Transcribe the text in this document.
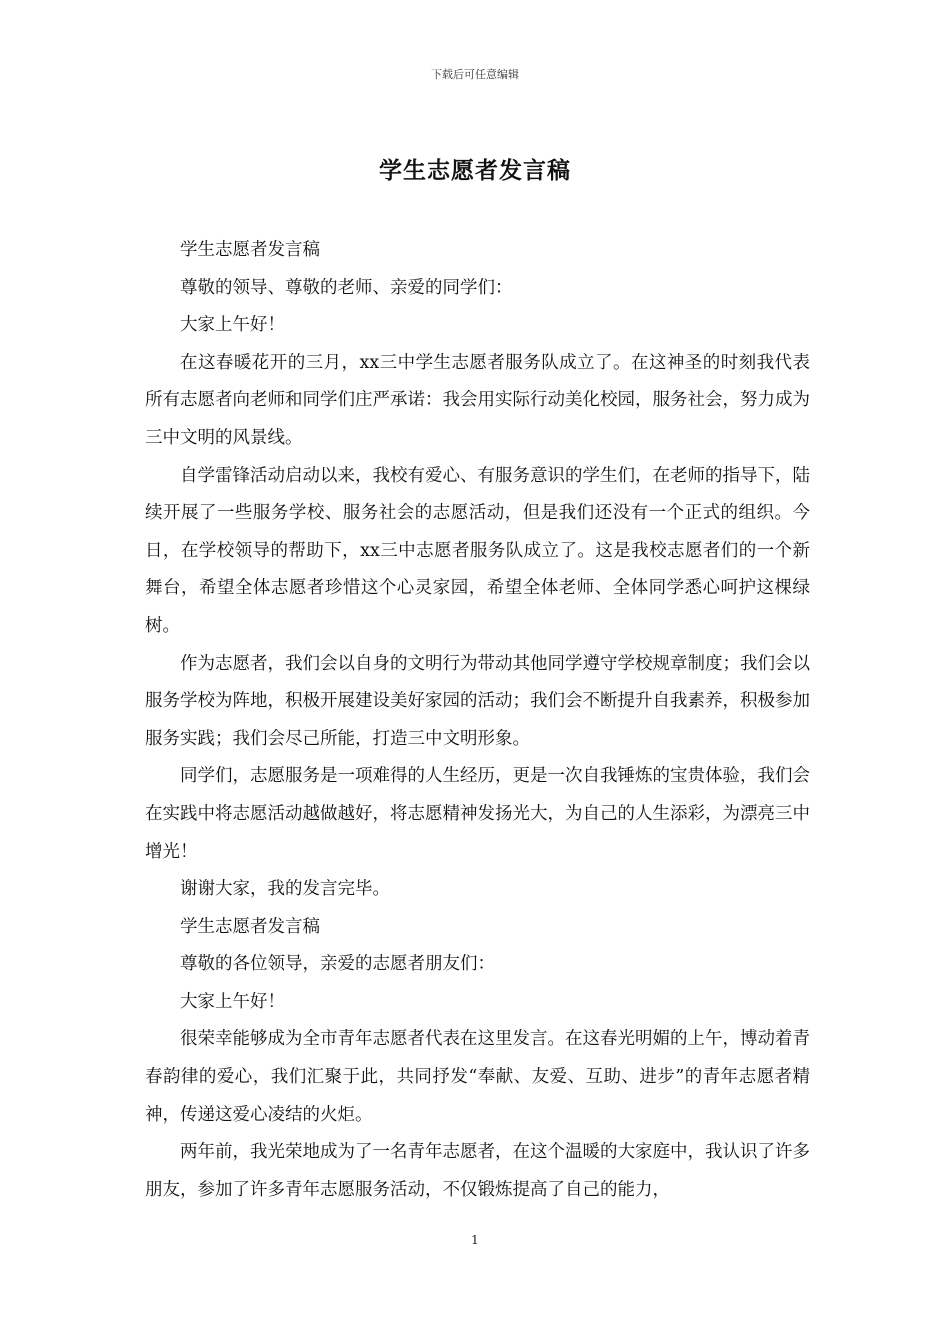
下载后可任意编辑
学生志愿者发言稿

学生志愿者发言稿

尊敬的领导、尊敬的老师、亲爱的同学们：

大家上午好！

在这春暖花开的三月，xx三中学生志愿者服务队成立了。在这神圣的时刻我代表所有志愿者向老师和同学们庄严承诺：我会用实际行动美化校园，服务社会，努力成为三中文明的风景线。

自学雷锋活动启动以来，我校有爱心、有服务意识的学生们，在老师的指导下，陆续开展了一些服务学校、服务社会的志愿活动，但是我们还没有一个正式的组织。今日，在学校领导的帮助下，xx三中志愿者服务队成立了。这是我校志愿者们的一个新舞台，希望全体志愿者珍惜这个心灵家园，希望全体老师、全体同学悉心呵护这棵绿树。

作为志愿者，我们会以自身的文明行为带动其他同学遵守学校规章制度；我们会以服务学校为阵地，积极开展建设美好家园的活动；我们会不断提升自我素养，积极参加服务实践；我们会尽己所能，打造三中文明形象。

同学们，志愿服务是一项难得的人生经历，更是一次自我锤炼的宝贵体验，我们会在实践中将志愿活动越做越好，将志愿精神发扬光大，为自己的人生添彩，为漂亮三中增光！

谢谢大家，我的发言完毕。

学生志愿者发言稿

尊敬的各位领导，亲爱的志愿者朋友们：

大家上午好！

很荣幸能够成为全市青年志愿者代表在这里发言。在这春光明媚的上午，博动着青春韵律的爱心，我们汇聚于此，共同抒发“奉献、友爱、互助、进步”的青年志愿者精神，传递这爱心凌结的火炬。

两年前，我光荣地成为了一名青年志愿者，在这个温暖的大家庭中，我认识了许多朋友，参加了许多青年志愿服务活动，不仅锻炼提高了自己的能力，

1
